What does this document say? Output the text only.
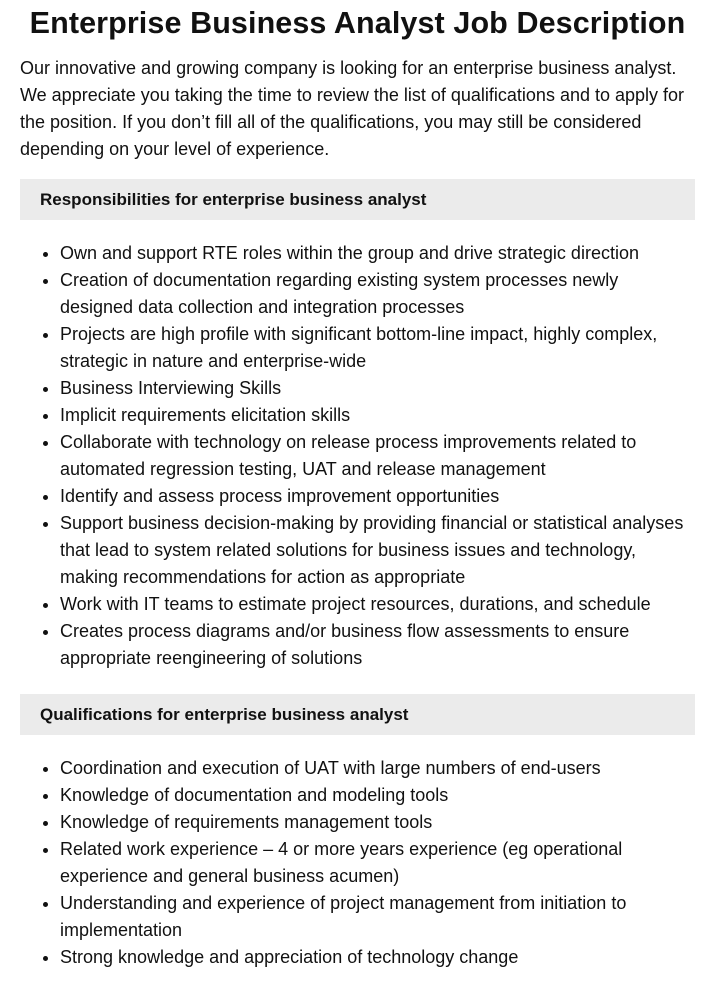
Enterprise Business Analyst Job Description

Our innovative and growing company is looking for an enterprise business analyst. We appreciate you taking the time to review the list of qualifications and to apply for the position. If you don’t fill all of the qualifications, you may still be considered depending on your level of experience.

Responsibilities for enterprise business analyst
• Own and support RTE roles within the group and drive strategic direction
• Creation of documentation regarding existing system processes newly designed data collection and integration processes
• Projects are high profile with significant bottom-line impact, highly complex, strategic in nature and enterprise-wide
• Business Interviewing Skills
• Implicit requirements elicitation skills
• Collaborate with technology on release process improvements related to automated regression testing, UAT and release management
• Identify and assess process improvement opportunities
• Support business decision-making by providing financial or statistical analyses that lead to system related solutions for business issues and technology, making recommendations for action as appropriate
• Work with IT teams to estimate project resources, durations, and schedule
• Creates process diagrams and/or business flow assessments to ensure appropriate reengineering of solutions
Qualifications for enterprise business analyst
• Coordination and execution of UAT with large numbers of end-users
• Knowledge of documentation and modeling tools
• Knowledge of requirements management tools
• Related work experience – 4 or more years experience (eg operational experience and general business acumen)
• Understanding and experience of project management from initiation to implementation
• Strong knowledge and appreciation of technology change
